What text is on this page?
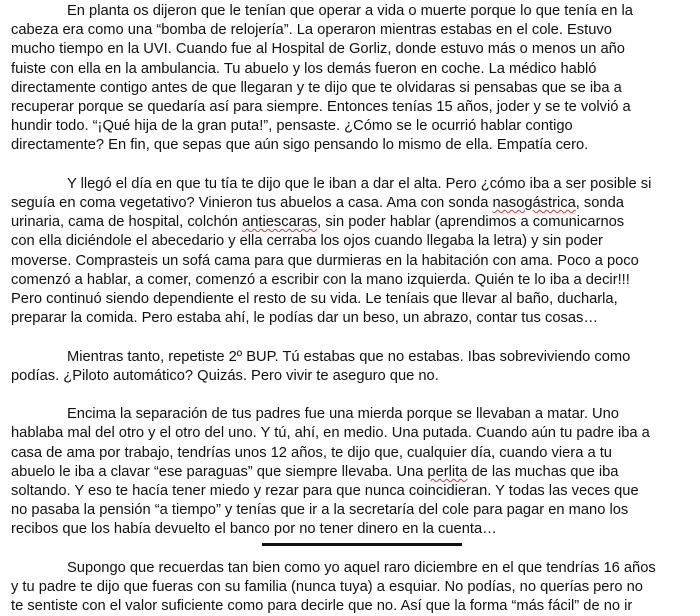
En planta os dijeron que le tenían que operar a vida o muerte porque lo que tenía en la
cabeza era como una “bomba de relojería”. La operaron mientras estabas en el cole. Estuvo
mucho tiempo en la UVI. Cuando fue al Hospital de Gorliz, donde estuvo más o menos un año
fuiste con ella en la ambulancia. Tu abuelo y los demás fueron en coche. La médico habló
directamente contigo antes de que llegaran y te dijo que te olvidaras si pensabas que se iba a
recuperar porque se quedaría así para siempre. Entonces tenías 15 años, joder y se te volvió a
hundir todo. “¡Qué hija de la gran puta!”, pensaste. ¿Cómo se le ocurrió hablar contigo
directamente? En fin, que sepas que aún sigo pensando lo mismo de ella. Empatía cero.
Y llegó el día en que tu tía te dijo que le iban a dar el alta. Pero ¿cómo iba a ser posible si
seguía en coma vegetativo? Vinieron tus abuelos a casa. Ama con sonda nasogástrica, sonda
urinaria, cama de hospital, colchón antiescaras, sin poder hablar (aprendimos a comunicarnos
con ella diciéndole el abecedario y ella cerraba los ojos cuando llegaba la letra) y sin poder
moverse. Comprasteis un sofá cama para que durmieras en la habitación con ama. Poco a poco
comenzó a hablar, a comer, comenzó a escribir con la mano izquierda. Quién te lo iba a decir!!!
Pero continuó siendo dependiente el resto de su vida. Le teníais que llevar al baño, ducharla,
preparar la comida. Pero estaba ahí, le podías dar un beso, un abrazo, contar tus cosas…
Mientras tanto, repetiste 2º BUP. Tú estabas que no estabas. Ibas sobreviviendo como
podías. ¿Piloto automático? Quizás. Pero vivir te aseguro que no.
Encima la separación de tus padres fue una mierda porque se llevaban a matar. Uno
hablaba mal del otro y el otro del uno. Y tú, ahí, en medio. Una putada. Cuando aún tu padre iba a
casa de ama por trabajo, tendrías unos 12 años, te dijo que, cualquier día, cuando viera a tu
abuelo le iba a clavar “ese paraguas” que siempre llevaba. Una perlita de las muchas que iba
soltando. Y eso te hacía tener miedo y rezar para que nunca coincidieran. Y todas las veces que
no pasaba la pensión “a tiempo” y tenías que ir a la secretaría del cole para pagar en mano los
recibos que los había devuelto el banco por no tener dinero en la cuenta…
Supongo que recuerdas tan bien como yo aquel raro diciembre en el que tendrías 16 años
y tu padre te dijo que fueras con su familia (nunca tuya) a esquiar. No podías, no querías pero no
te sentiste con el valor suficiente como para decirle que no. Así que la forma “más fácil” de no ir
